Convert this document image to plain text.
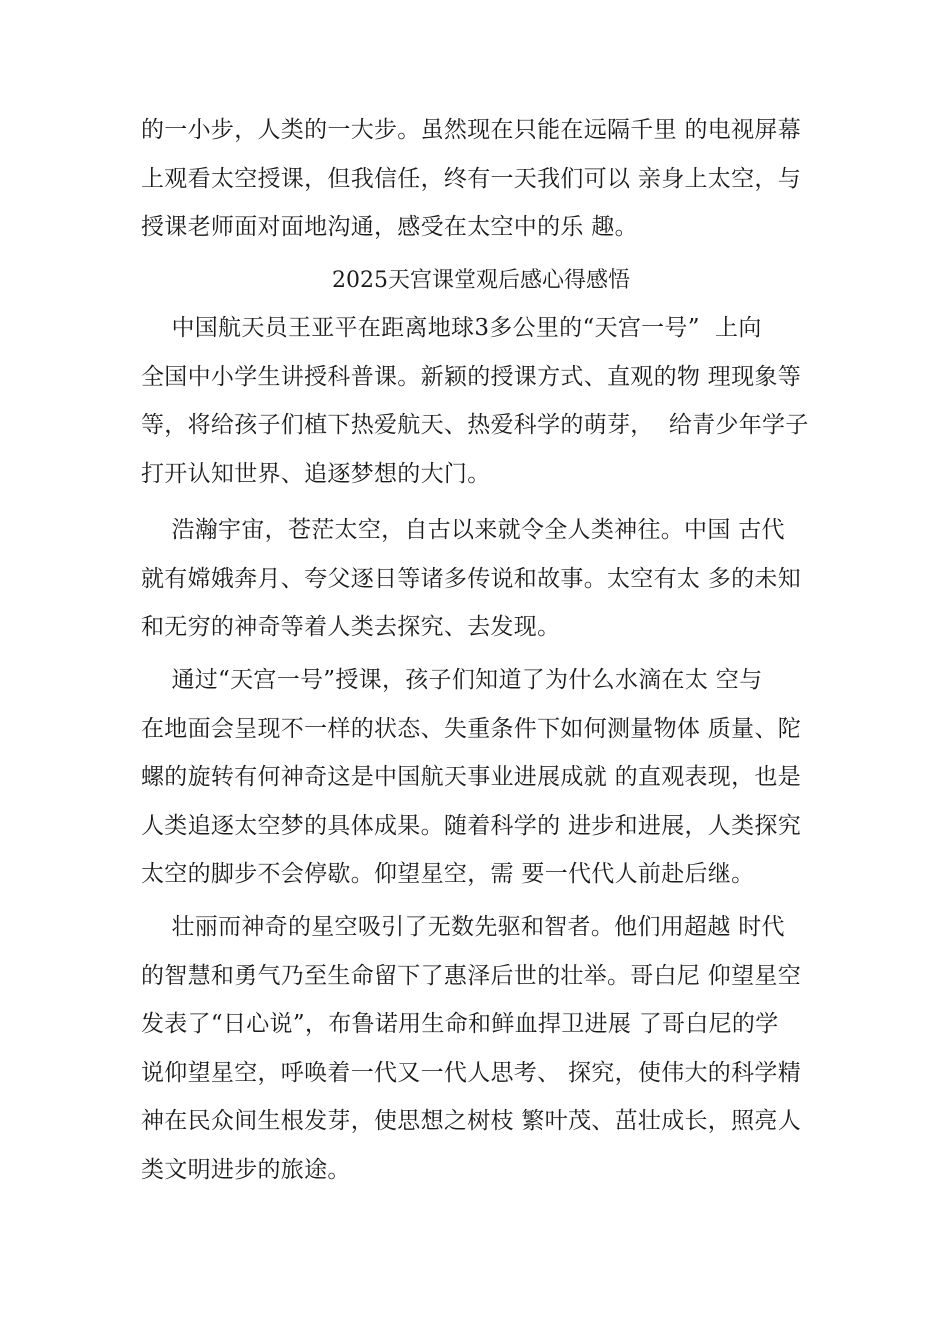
的一小步，人类的一大步。虽然现在只能在远隔千里 的电视屏幕
上观看太空授课，但我信任，终有一天我们可以 亲身上太空，与
授课老师面对面地沟通，感受在太空中的乐 趣。
2025天宫课堂观后感心得感悟
中国航天员王亚平在距离地球3多公里的“天宫一号”  上向
全国中小学生讲授科普课。新颖的授课方式、直观的物 理现象等
等，将给孩子们植下热爱航天、热爱科学的萌芽，  给青少年学子
打开认知世界、追逐梦想的大门。
浩瀚宇宙，苍茫太空，自古以来就令全人类神往。中国 古代
就有嫦娥奔月、夸父逐日等诸多传说和故事。太空有太 多的未知
和无穷的神奇等着人类去探究、去发现。
通过“天宫一号”授课，孩子们知道了为什么水滴在太 空与
在地面会呈现不一样的状态、失重条件下如何测量物体 质量、陀
螺的旋转有何神奇这是中国航天事业进展成就 的直观表现，也是
人类追逐太空梦的具体成果。随着科学的 进步和进展，人类探究
太空的脚步不会停歇。仰望星空，需 要一代代人前赴后继。
壮丽而神奇的星空吸引了无数先驱和智者。他们用超越 时代
的智慧和勇气乃至生命留下了惠泽后世的壮举。哥白尼 仰望星空
发表了“日心说”，布鲁诺用生命和鲜血捍卫进展 了哥白尼的学
说仰望星空，呼唤着一代又一代人思考、 探究，使伟大的科学精
神在民众间生根发芽，使思想之树枝 繁叶茂、茁壮成长，照亮人
类文明进步的旅途。
